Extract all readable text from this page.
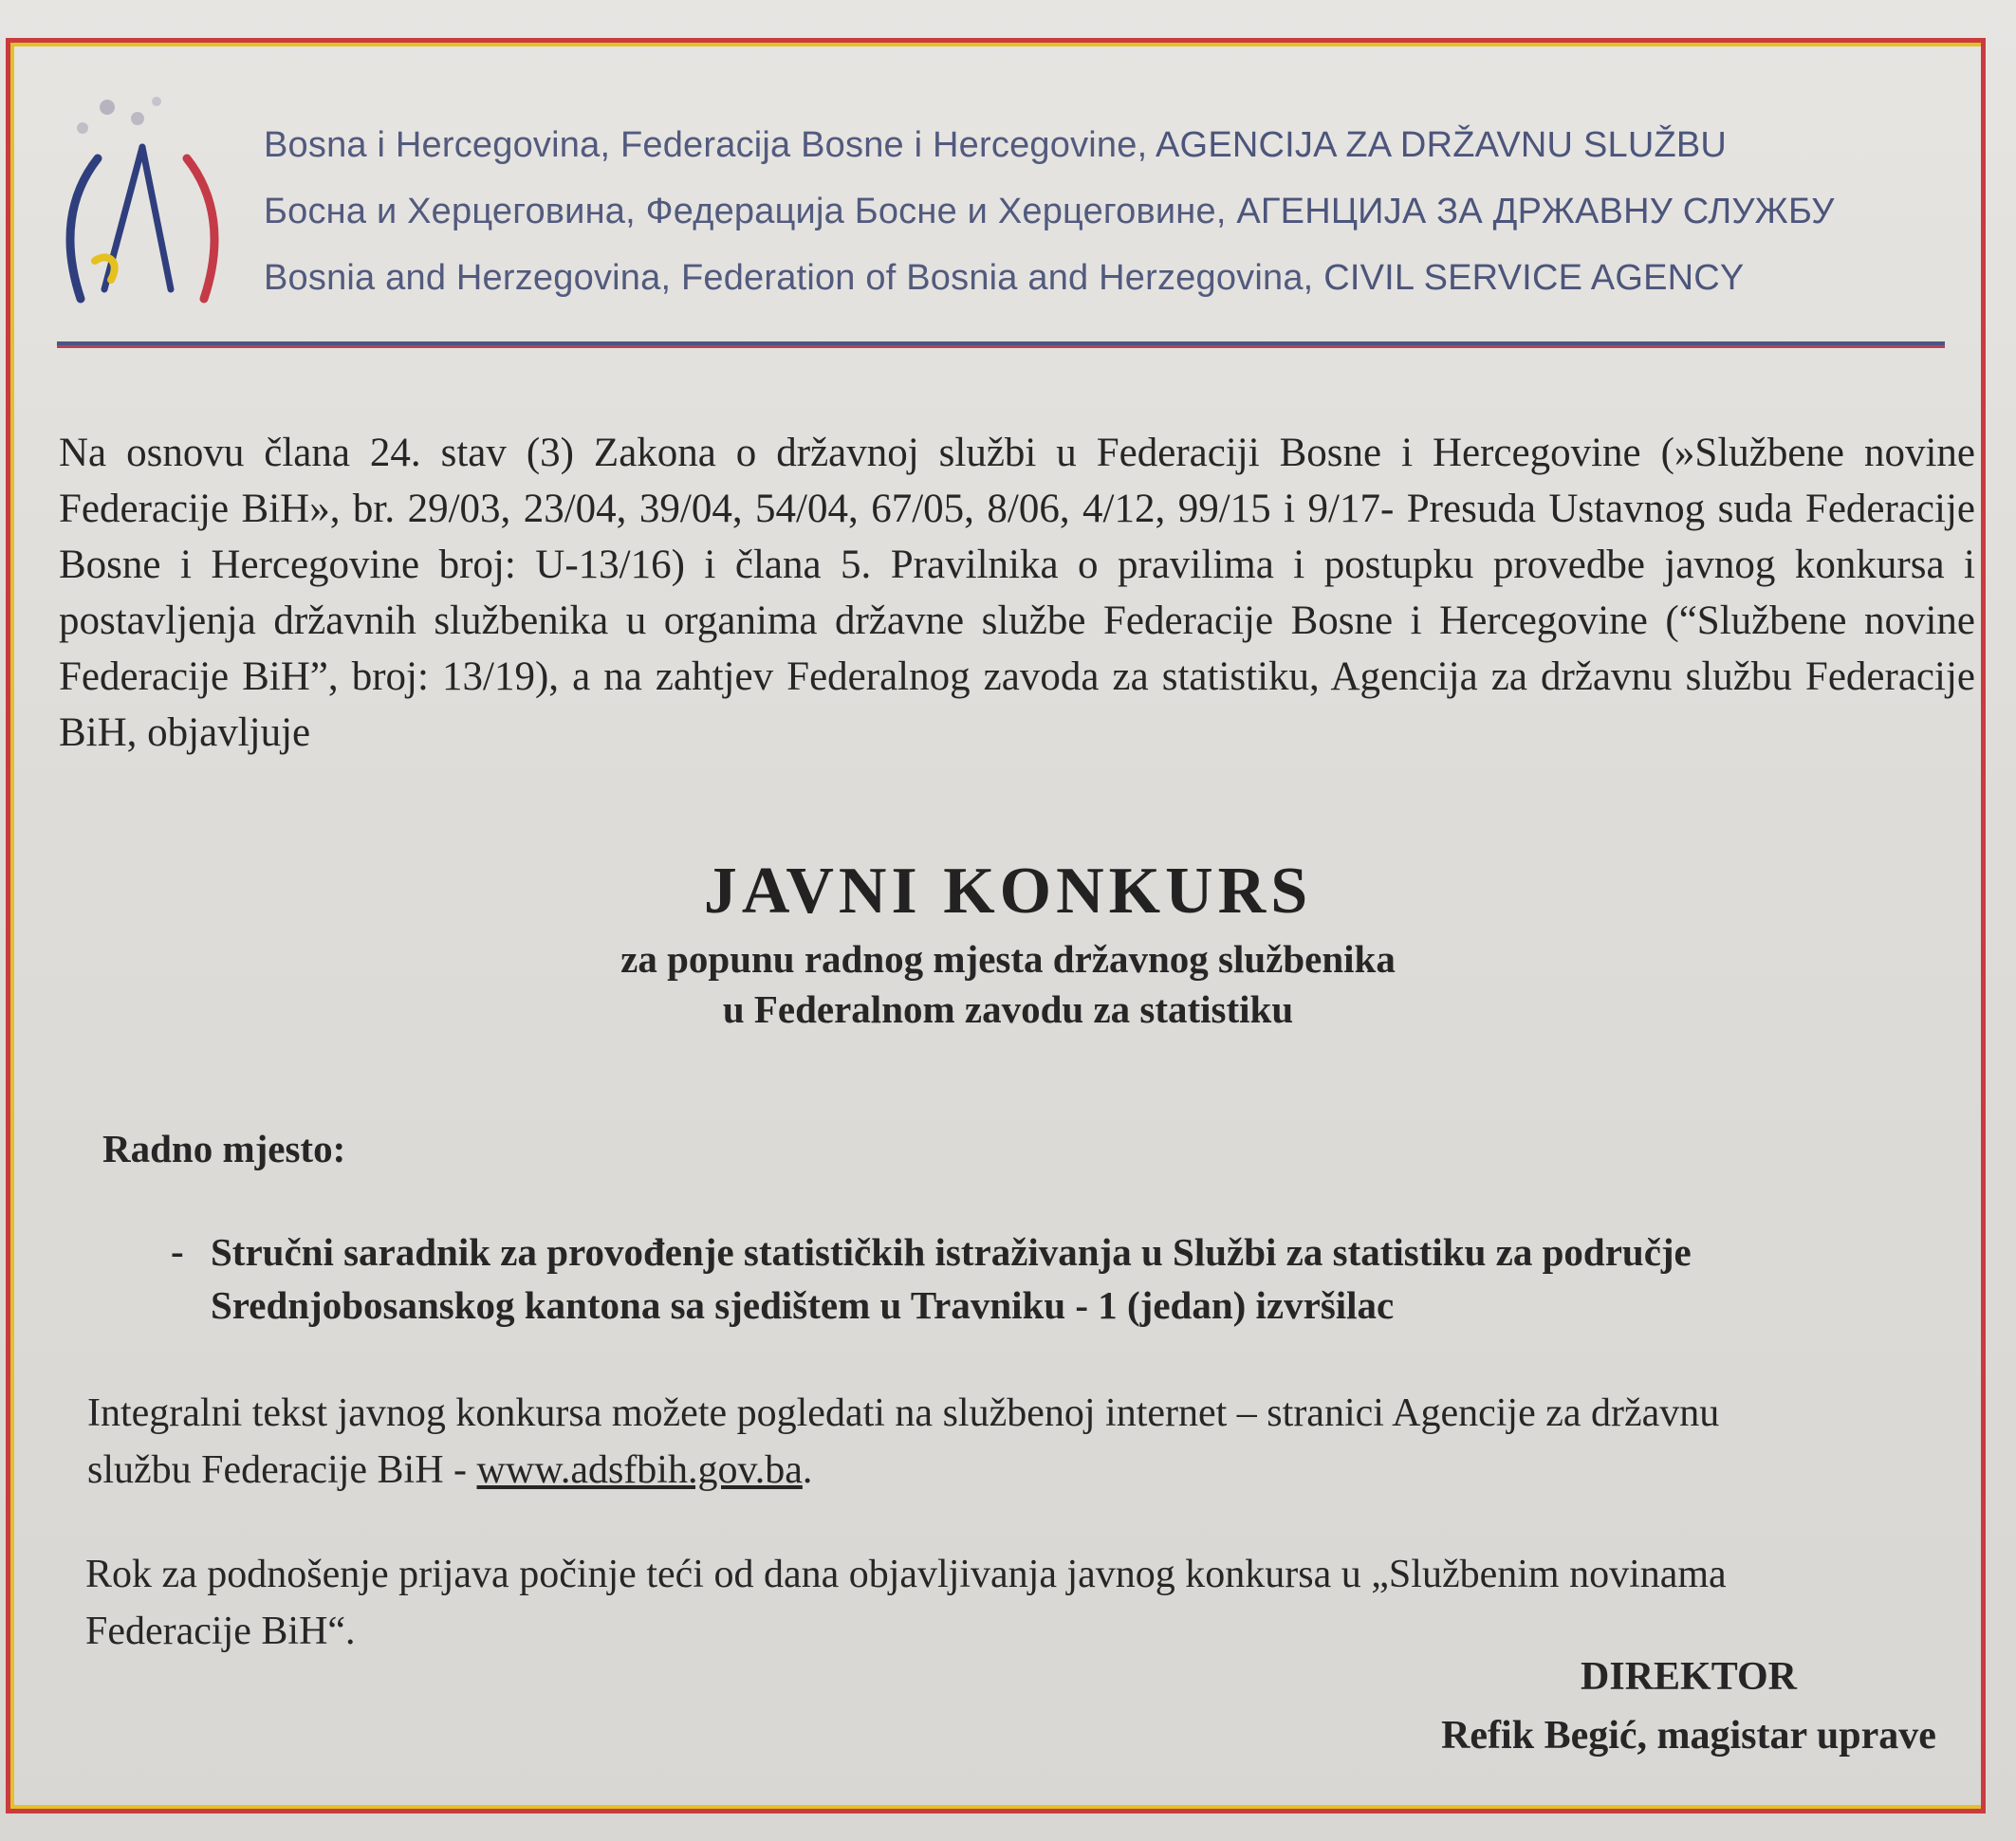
Bosna i Hercegovina, Federacija Bosne i Hercegovine, AGENCIJA ZA DRŽAVNU SLUŽBU
Босна и Херцеговина, Федерација Босне и Херцеговине, АГЕНЦИЈА ЗА ДРЖАВНУ СЛУЖБУ
Bosnia and Herzegovina, Federation of Bosnia and Herzegovina, CIVIL SERVICE AGENCY
Na osnovu člana 24. stav (3) Zakona o državnoj službi u Federaciji Bosne i Hercegovine (»Službene novine Federacije BiH», br. 29/03, 23/04, 39/04, 54/04, 67/05, 8/06, 4/12, 99/15 i 9/17- Presuda Ustavnog suda Federacije Bosne i Hercegovine broj: U-13/16) i člana 5. Pravilnika o pravilima i postupku provedbe javnog konkursa i postavljenja državnih službenika u organima državne službe Federacije Bosne i Hercegovine (“Službene novine Federacije BiH”, broj: 13/19), a na zahtjev Federalnog zavoda za statistiku, Agencija za državnu službu Federacije BiH, objavljuje
JAVNI KONKURS
za popunu radnog mjesta državnog službenika
u Federalnom zavodu za statistiku
Radno mjesto:
- Stručni saradnik za provođenje statističkih istraživanja u Službi za statistiku za područje
Srednjobosanskog kantona sa sjedištem u Travniku - 1 (jedan) izvršilac
Integralni tekst javnog konkursa možete pogledati na službenoj internet – stranici Agencije za državnu
službu Federacije BiH - www.adsfbih.gov.ba.
Rok za podnošenje prijava počinje teći od dana objavljivanja javnog konkursa u „Službenim novinama
Federacije BiH“.
DIREKTOR
Refik Begić, magistar uprave
